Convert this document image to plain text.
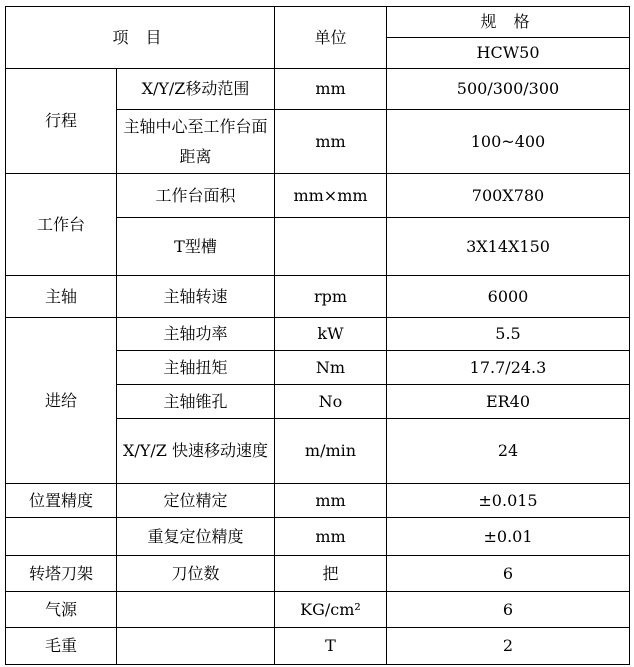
项 目		单位	规 格
			HCW50
行程	X/Y/Z移动范围	mm	500/300/300
	主轴中心至工作台面距离	mm	100~400
工作台	工作台面积	mm×mm	700X780
	T型槽		3X14X150
主轴	主轴转速	rpm	6000
进给	主轴功率	kW	5.5
	主轴扭矩	Nm	17.7/24.3
	主轴锥孔	No	ER40
	X/Y/Z 快速移动速度	m/min	24
位置精度	定位精定	mm	±0.015
	重复定位精度	mm	±0.01
转塔刀架	刀位数	把	6
气源		KG/cm²	6
毛重		T	2
